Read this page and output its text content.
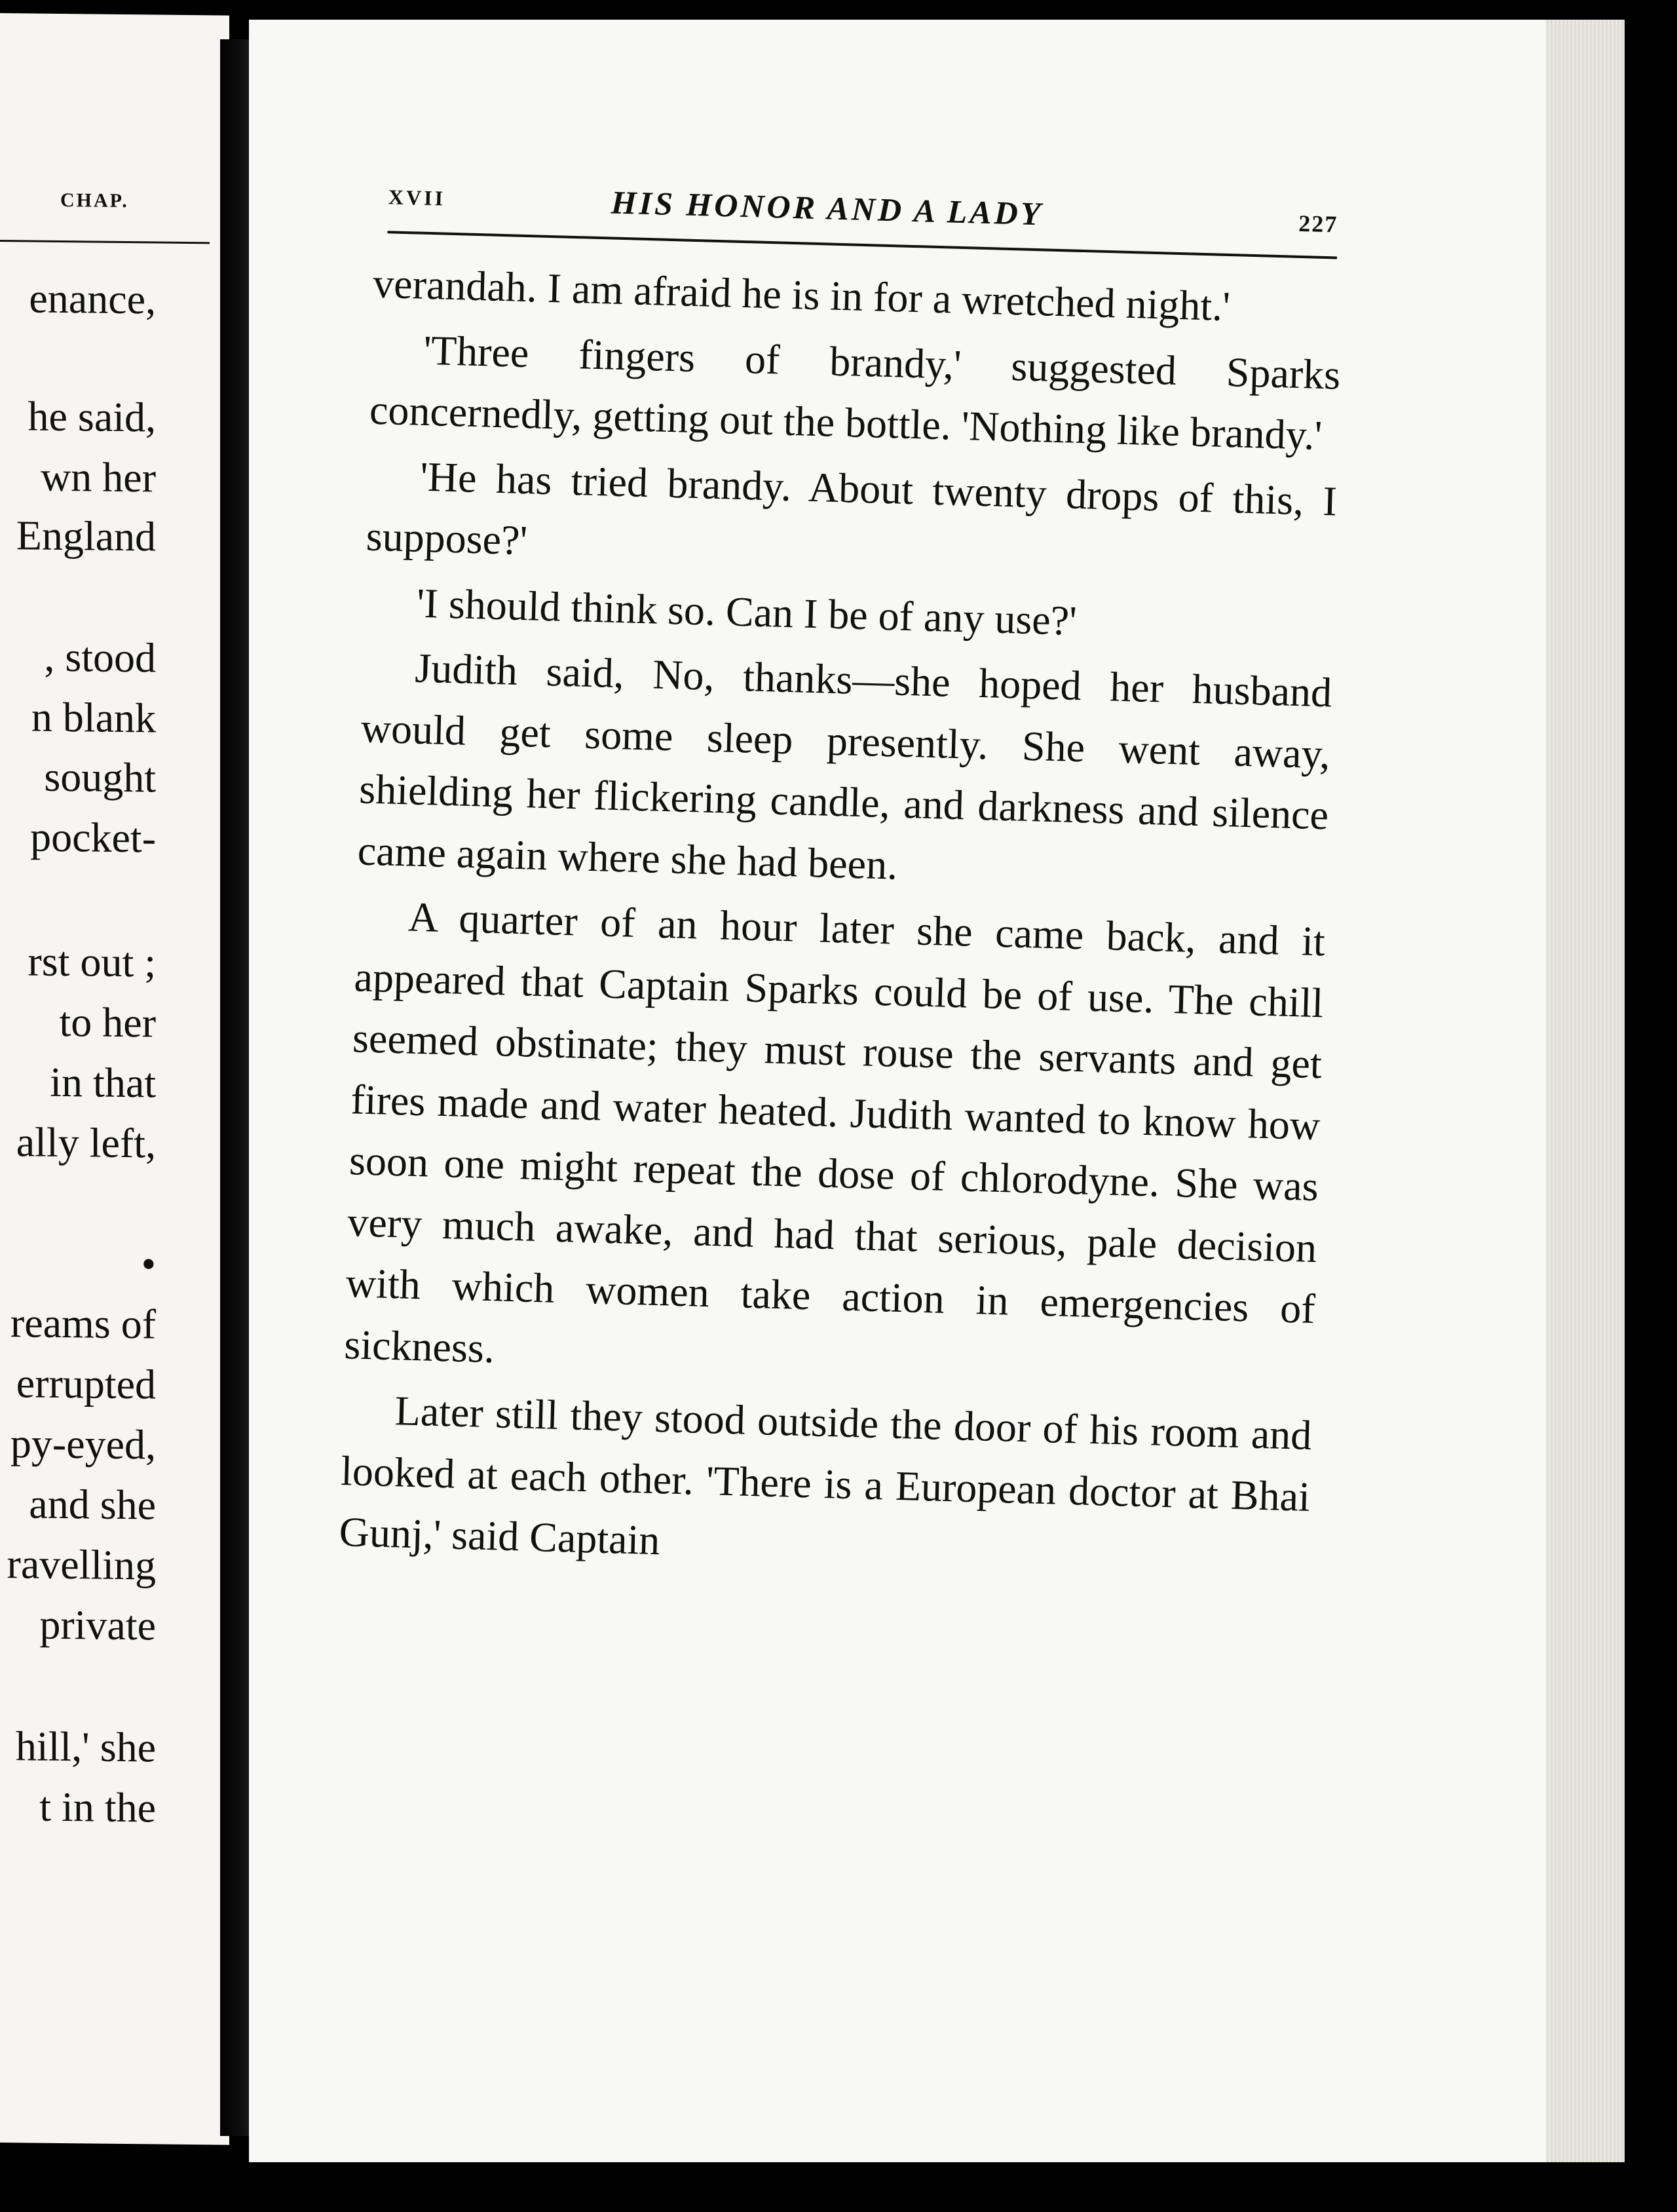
CHAP.
enance,
he said,
wn her
England
, stood
n blank
sought
pocket-
rst out ;
to her
in that
ally left,
•
reams of
errupted
py-eyed,
and she
ravelling
private
hill,' she
t in the
XVII	HIS HONOR AND A LADY	227

verandah. I am afraid he is in for a wretched night.'

'Three fingers of brandy,' suggested Sparks concernedly, getting out the bottle. 'Nothing like brandy.'

'He has tried brandy. About twenty drops of this, I suppose?'

'I should think so. Can I be of any use?'

Judith said, No, thanks—she hoped her husband would get some sleep presently. She went away, shielding her flickering candle, and darkness and silence came again where she had been.

A quarter of an hour later she came back, and it appeared that Captain Sparks could be of use. The chill seemed obstinate; they must rouse the servants and get fires made and water heated. Judith wanted to know how soon one might repeat the dose of chlorodyne. She was very much awake, and had that serious, pale decision with which women take action in emergencies of sickness.

Later still they stood outside the door of his room and looked at each other. 'There is a European doctor at Bhai Gunj,' said Captain
